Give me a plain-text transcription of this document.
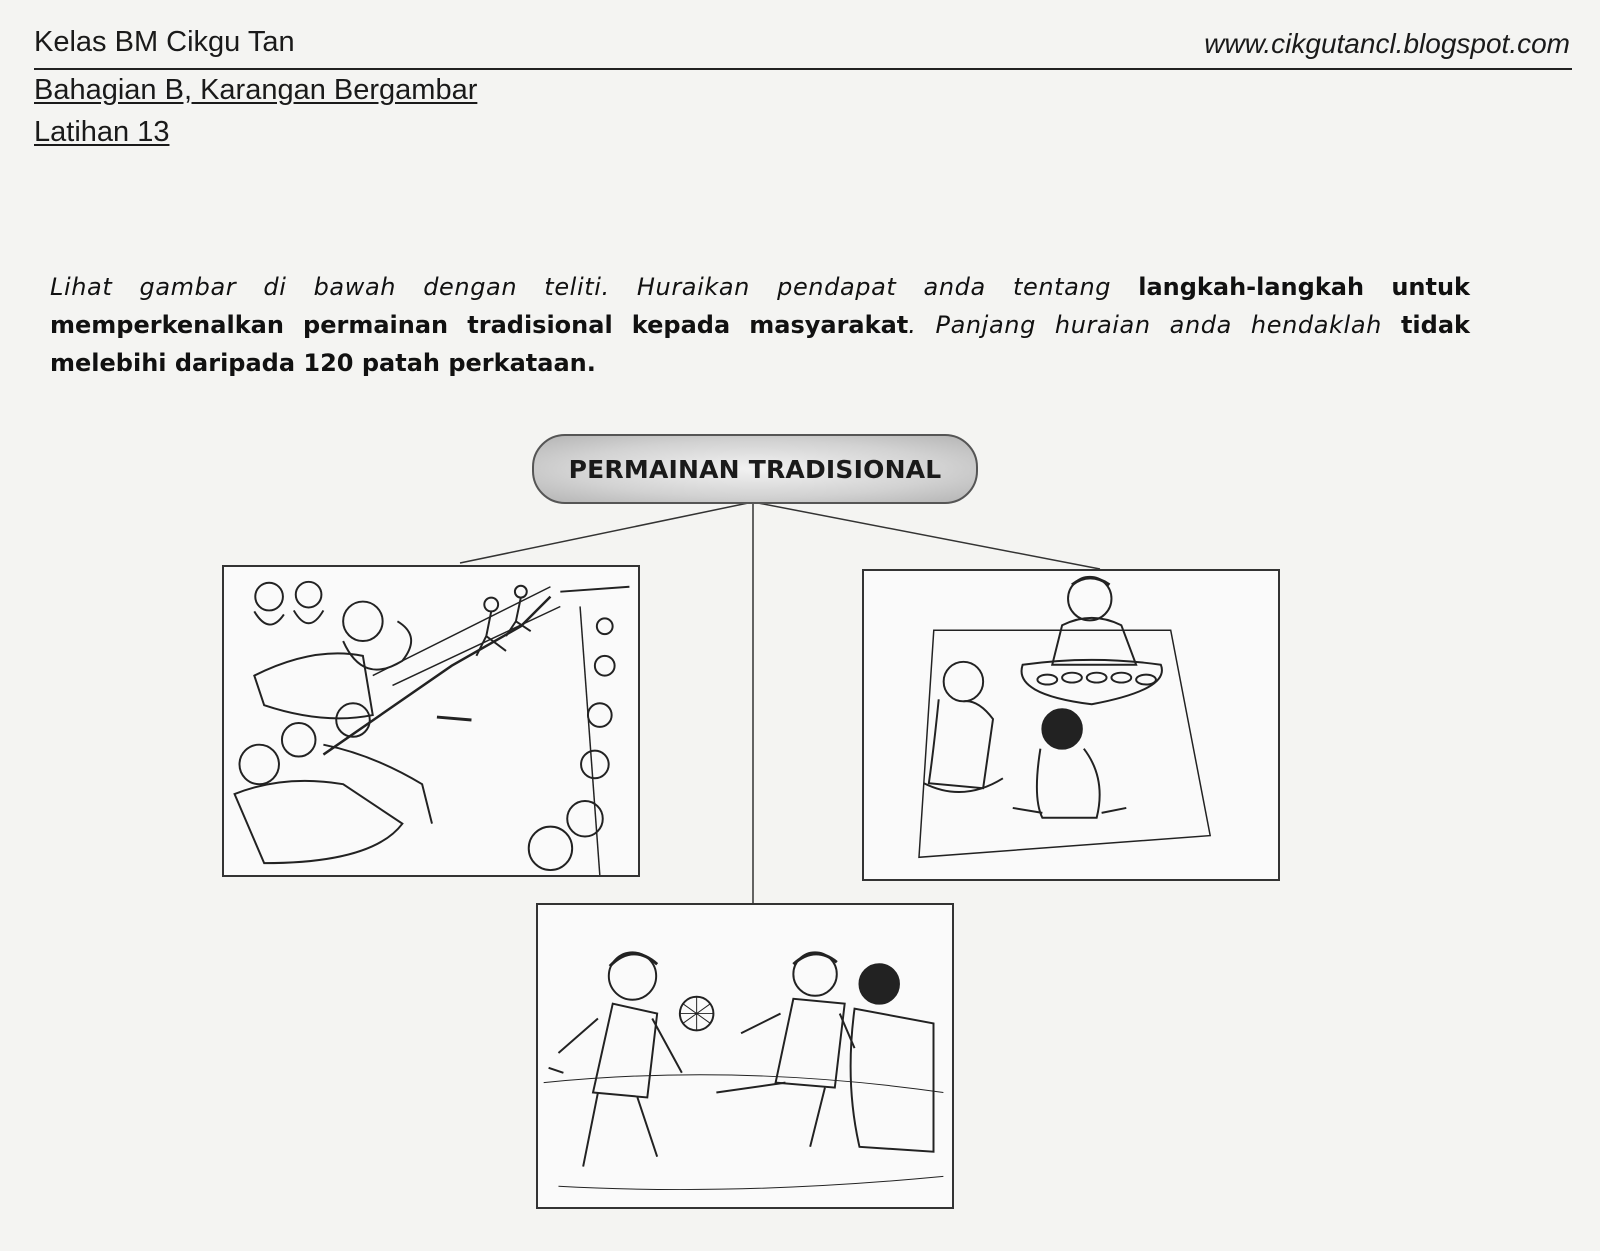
Kelas BM Cikgu Tan	www.cikgutancl.blogspot.com
Bahagian B, Karangan Bergambar
Latihan 13
Lihat gambar di bawah dengan teliti. Huraikan pendapat anda tentang langkah-langkah untuk memperkenalkan permainan tradisional kepada masyarakat. Panjang huraian anda hendaklah tidak melebihi daripada 120 patah perkataan.
PERMAINAN TRADISIONAL
